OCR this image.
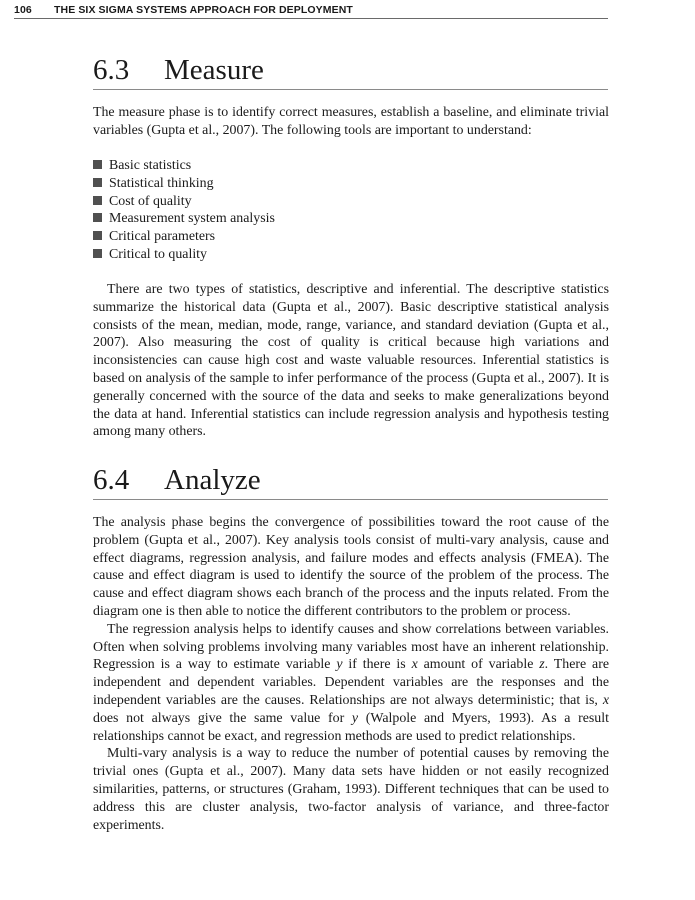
106 THE SIX SIGMA SYSTEMS APPROACH FOR DEPLOYMENT
6.3 Measure

The measure phase is to identify correct measures, establish a baseline, and eliminate trivial variables (Gupta et al., 2007). The following tools are important to understand:

Basic statistics
Statistical thinking
Cost of quality
Measurement system analysis
Critical parameters
Critical to quality

There are two types of statistics, descriptive and inferential. The descriptive statistics summarize the historical data (Gupta et al., 2007). Basic descriptive statistical analysis consists of the mean, median, mode, range, variance, and standard deviation (Gupta et al., 2007). Also measuring the cost of quality is critical because high variations and inconsistencies can cause high cost and waste valuable resources. Inferential statistics is based on analysis of the sample to infer performance of the process (Gupta et al., 2007). It is generally concerned with the source of the data and seeks to make generalizations beyond the data at hand. Inferential statistics can include regression analysis and hypothesis testing among many others.

6.4 Analyze

The analysis phase begins the convergence of possibilities toward the root cause of the problem (Gupta et al., 2007). Key analysis tools consist of multi-vary analysis, cause and effect diagrams, regression analysis, and failure modes and effects analysis (FMEA). The cause and effect diagram is used to identify the source of the problem of the process. The cause and effect diagram shows each branch of the process and the inputs related. From the diagram one is then able to notice the different contributors to the problem or process.

The regression analysis helps to identify causes and show correlations between variables. Often when solving problems involving many variables most have an inherent relationship. Regression is a way to estimate variable y if there is x amount of variable z. There are independent and dependent variables. Dependent variables are the responses and the independent variables are the causes. Relationships are not always deterministic; that is, x does not always give the same value for y (Walpole and Myers, 1993). As a result relationships cannot be exact, and regression methods are used to predict relationships.

Multi-vary analysis is a way to reduce the number of potential causes by removing the trivial ones (Gupta et al., 2007). Many data sets have hidden or not easily recognized similarities, patterns, or structures (Graham, 1993). Different techniques that can be used to address this are cluster analysis, two-factor analysis of variance, and three-factor experiments.
